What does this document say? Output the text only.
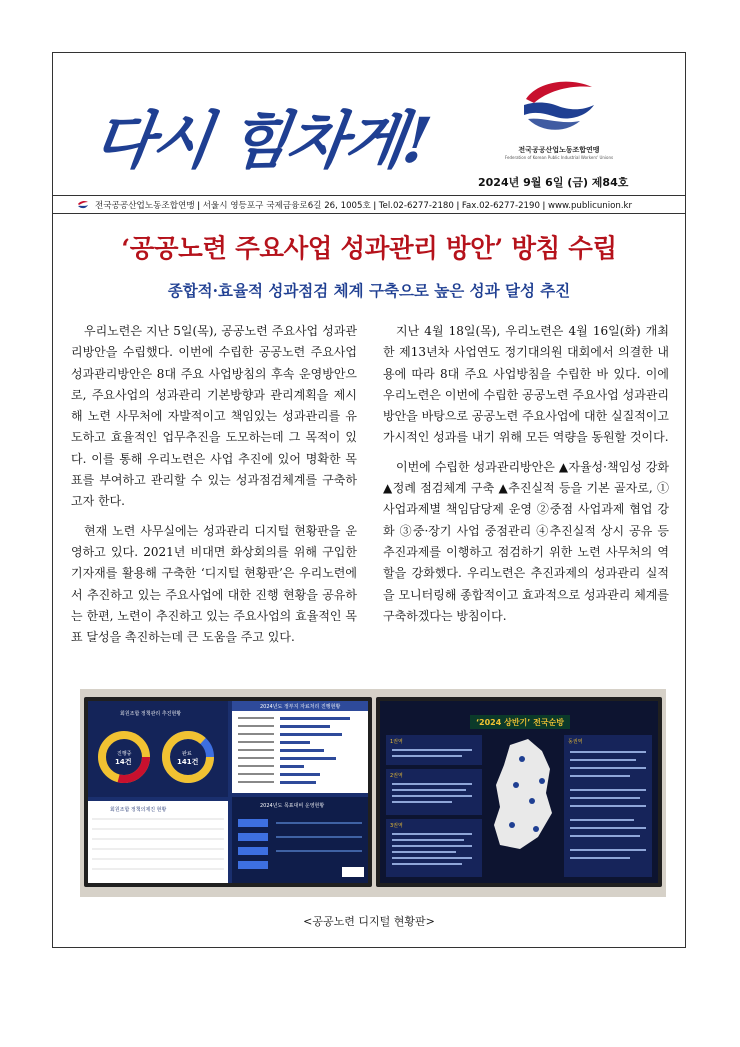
다시 힘차게!	전국공공산업노동조합연맹
Federation of Korean Public Industrial Workers' Unions
2024년 9월 6일 (금) 제84호
전국공공산업노동조합연맹 ǀ 서울시 영등포구 국제금융로6길 26, 1005호 ǀ Tel.02-6277-2180 ǀ Fax.02-6277-2190 ǀ www.publicunion.kr
‘공공노련 주요사업 성과관리 방안’ 방침 수립
종합적·효율적 성과점검 체계 구축으로 높은 성과 달성 추진

우리노련은 지난 5일(목), 공공노련 주요사업 성과관리방안을 수립했다. 이번에 수립한 공공노련 주요사업 성과관리방안은 8대 주요 사업방침의 후속 운영방안으로, 주요사업의 성과관리 기본방향과 관리계획을 제시해 노련 사무처에 자발적이고 책임있는 성과관리를 유도하고 효율적인 업무추진을 도모하는데 그 목적이 있다. 이를 통해 우리노련은 사업 추진에 있어 명확한 목표를 부여하고 관리할 수 있는 성과점검체계를 구축하고자 한다.

현재 노련 사무실에는 성과관리 디지털 현황판을 운영하고 있다. 2021년 비대면 화상회의를 위해 구입한 기자재를 활용해 구축한 ‘디지털 현황판’은 우리노련에서 추진하고 있는 주요사업에 대한 진행 현황을 공유하는 한편, 노련이 추진하고 있는 주요사업의 효율적인 목표 달성을 촉진하는데 큰 도움을 주고 있다.

지난 4월 18일(목), 우리노련은 4월 16일(화) 개최한 제13년차 사업연도 정기대의원 대회에서 의결한 내용에 따라 8대 주요 사업방침을 수립한 바 있다. 이에 우리노련은 이번에 수립한 공공노련 주요사업 성과관리방안을 바탕으로 공공노련 주요사업에 대한 실질적이고 가시적인 성과를 내기 위해 모든 역량을 동원할 것이다.

이번에 수립한 성과관리방안은 ▲자율성·책임성 강화 ▲정례 점검체계 구축 ▲추진실적 등을 기본 골자로, ①사업과제별 책임담당제 운영 ②중점 사업과제 협업 강화 ③중·장기 사업 중점관리 ④추진실적 상시 공유 등 추진과제를 이행하고 점검하기 위한 노련 사무처의 역할을 강화했다. 우리노련은 추진과제의 성과관리 실적을 모니터링해 종합적이고 효과적으로 성과관리 체계를 구축하겠다는 방침이다.

회원조합 정책관리 추진현황
진행중
14건
완료
141건
2024년도 정부지 자료처리 진행현황
회원조합 정책의제진 현황
2024년도 목표대비 운영현황
‘2024 상반기’ 전국순방
1권역
2권역
3권역
동권역
<공공노련 디지털 현황판>
